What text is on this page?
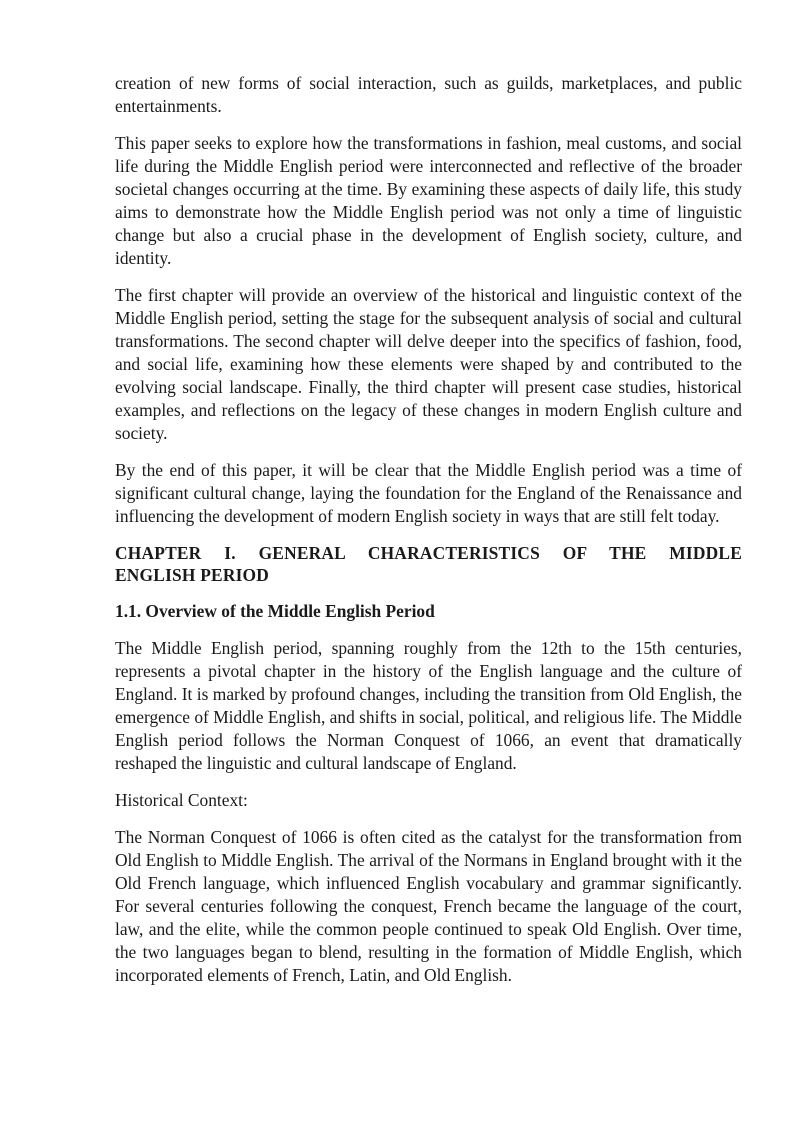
creation of new forms of social interaction, such as guilds, marketplaces, and public entertainments.

This paper seeks to explore how the transformations in fashion, meal customs, and social life during the Middle English period were interconnected and reflective of the broader societal changes occurring at the time. By examining these aspects of daily life, this study aims to demonstrate how the Middle English period was not only a time of linguistic change but also a crucial phase in the development of English society, culture, and identity.

The first chapter will provide an overview of the historical and linguistic context of the Middle English period, setting the stage for the subsequent analysis of social and cultural transformations. The second chapter will delve deeper into the specifics of fashion, food, and social life, examining how these elements were shaped by and contributed to the evolving social landscape. Finally, the third chapter will present case studies, historical examples, and reflections on the legacy of these changes in modern English culture and society.

By the end of this paper, it will be clear that the Middle English period was a time of significant cultural change, laying the foundation for the England of the Renaissance and influencing the development of modern English society in ways that are still felt today.

CHAPTER I. GENERAL CHARACTERISTICS OF THE MIDDLE
ENGLISH PERIOD
1.1. Overview of the Middle English Period

The Middle English period, spanning roughly from the 12th to the 15th centuries, represents a pivotal chapter in the history of the English language and the culture of England. It is marked by profound changes, including the transition from Old English, the emergence of Middle English, and shifts in social, political, and religious life. The Middle English period follows the Norman Conquest of 1066, an event that dramatically reshaped the linguistic and cultural landscape of England.

Historical Context:

The Norman Conquest of 1066 is often cited as the catalyst for the transformation from Old English to Middle English. The arrival of the Normans in England brought with it the Old French language, which influenced English vocabulary and grammar significantly. For several centuries following the conquest, French became the language of the court, law, and the elite, while the common people continued to speak Old English. Over time, the two languages began to blend, resulting in the formation of Middle English, which incorporated elements of French, Latin, and Old English.
